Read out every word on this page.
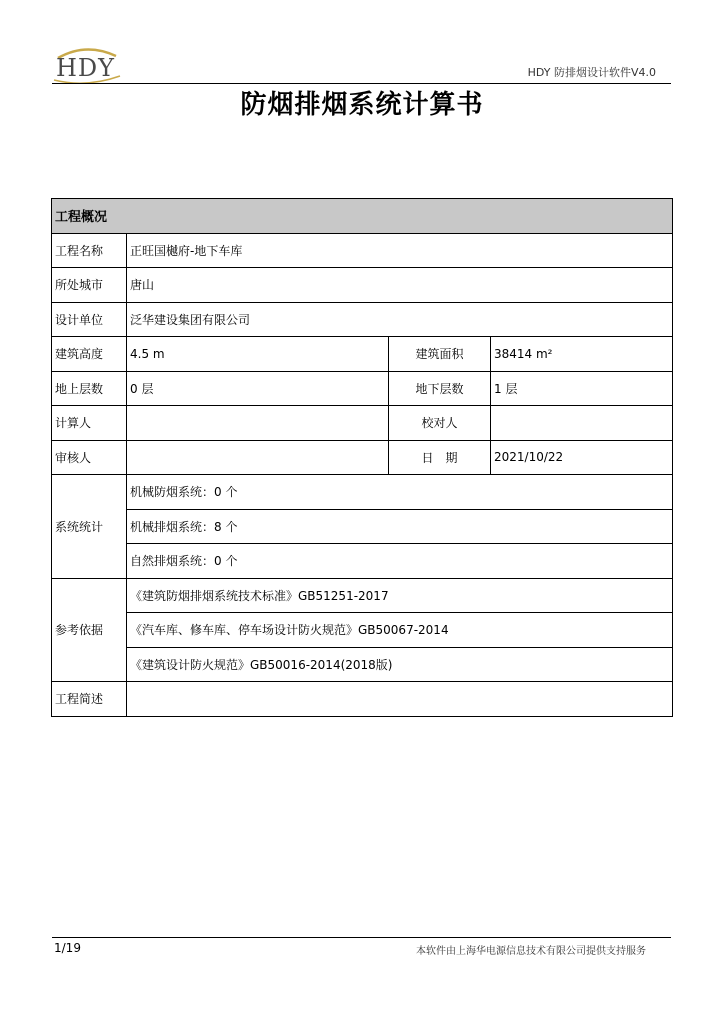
HDY	HDY 防排烟设计软件V4.0
防烟排烟系统计算书
工程概况			
工程名称	正旺国樾府-地下车库		
所处城市	唐山		
设计单位	泛华建设集团有限公司		
建筑高度	4.5 m	建筑面积	38414 m²
地上层数	0 层	地下层数	1 层
计算人		校对人	
审核人		日　期	2021/10/22
系统统计	机械防烟系统：0 个		
	机械排烟系统：8 个		
	自然排烟系统：0 个		
参考依据	《建筑防烟排烟系统技术标准》GB51251-2017		
	《汽车库、修车库、停车场设计防火规范》GB50067-2014		
	《建筑设计防火规范》GB50016-2014(2018版)		
工程简述			
1/19	本软件由上海华电源信息技术有限公司提供支持服务
